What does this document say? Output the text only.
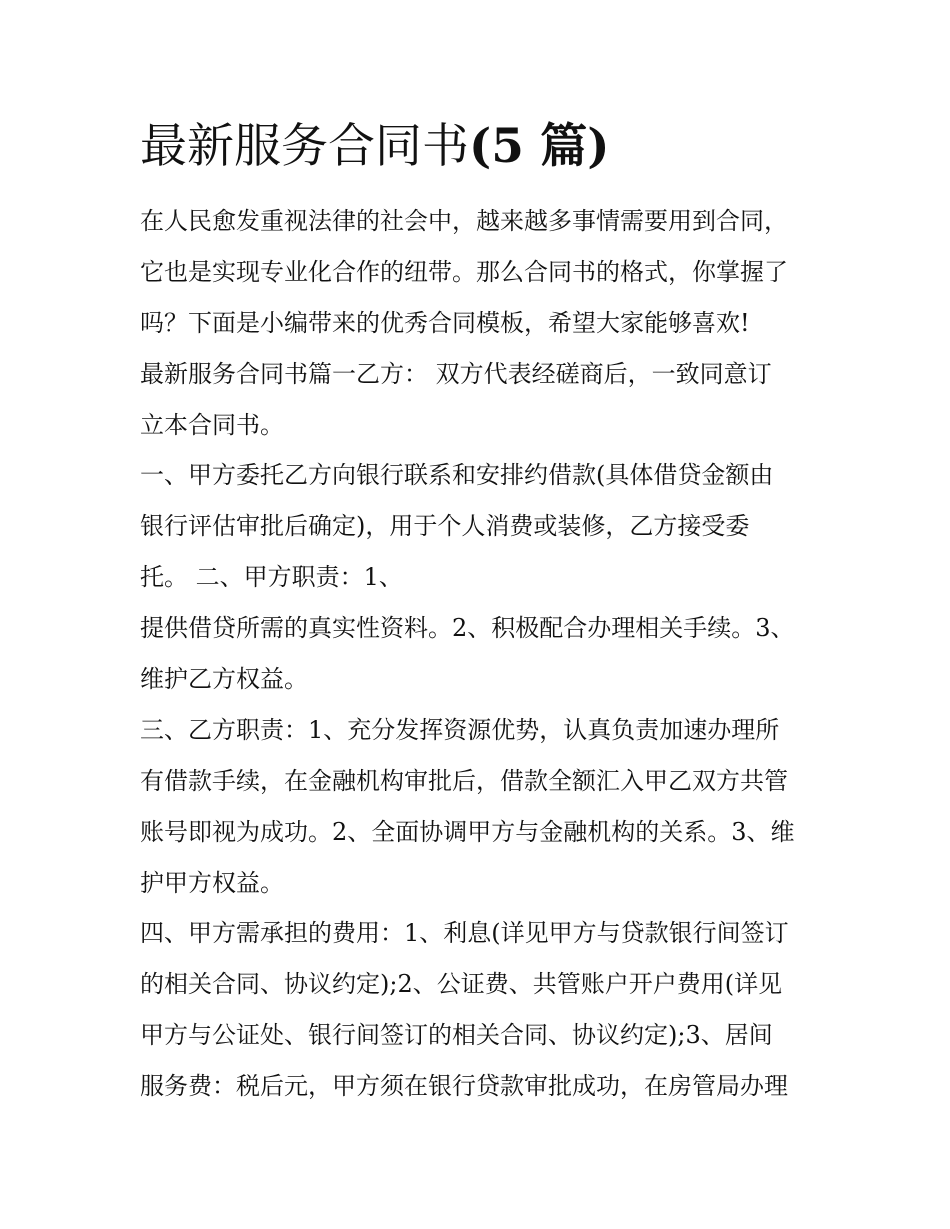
最新服务合同书(5 篇)
在人民愈发重视法律的社会中，越来越多事情需要用到合同，
它也是实现专业化合作的纽带。那么合同书的格式，你掌握了
吗？下面是小编带来的优秀合同模板，希望大家能够喜欢!
最新服务合同书篇一乙方： 双方代表经磋商后，一致同意订
立本合同书。
一、甲方委托乙方向银行联系和安排约借款(具体借贷金额由
银行评估审批后确定)，用于个人消费或装修，乙方接受委
托。 二、甲方职责：1、
提供借贷所需的真实性资料。2、积极配合办理相关手续。3、
维护乙方权益。
三、乙方职责：1、充分发挥资源优势，认真负责加速办理所
有借款手续，在金融机构审批后，借款全额汇入甲乙双方共管
账号即视为成功。2、全面协调甲方与金融机构的关系。3、维
护甲方权益。
四、甲方需承担的费用：1、利息(详见甲方与贷款银行间签订
的相关合同、协议约定);2、公证费、共管账户开户费用(详见
甲方与公证处、银行间签订的相关合同、协议约定);3、居间
服务费：税后元，甲方须在银行贷款审批成功，在房管局办理
